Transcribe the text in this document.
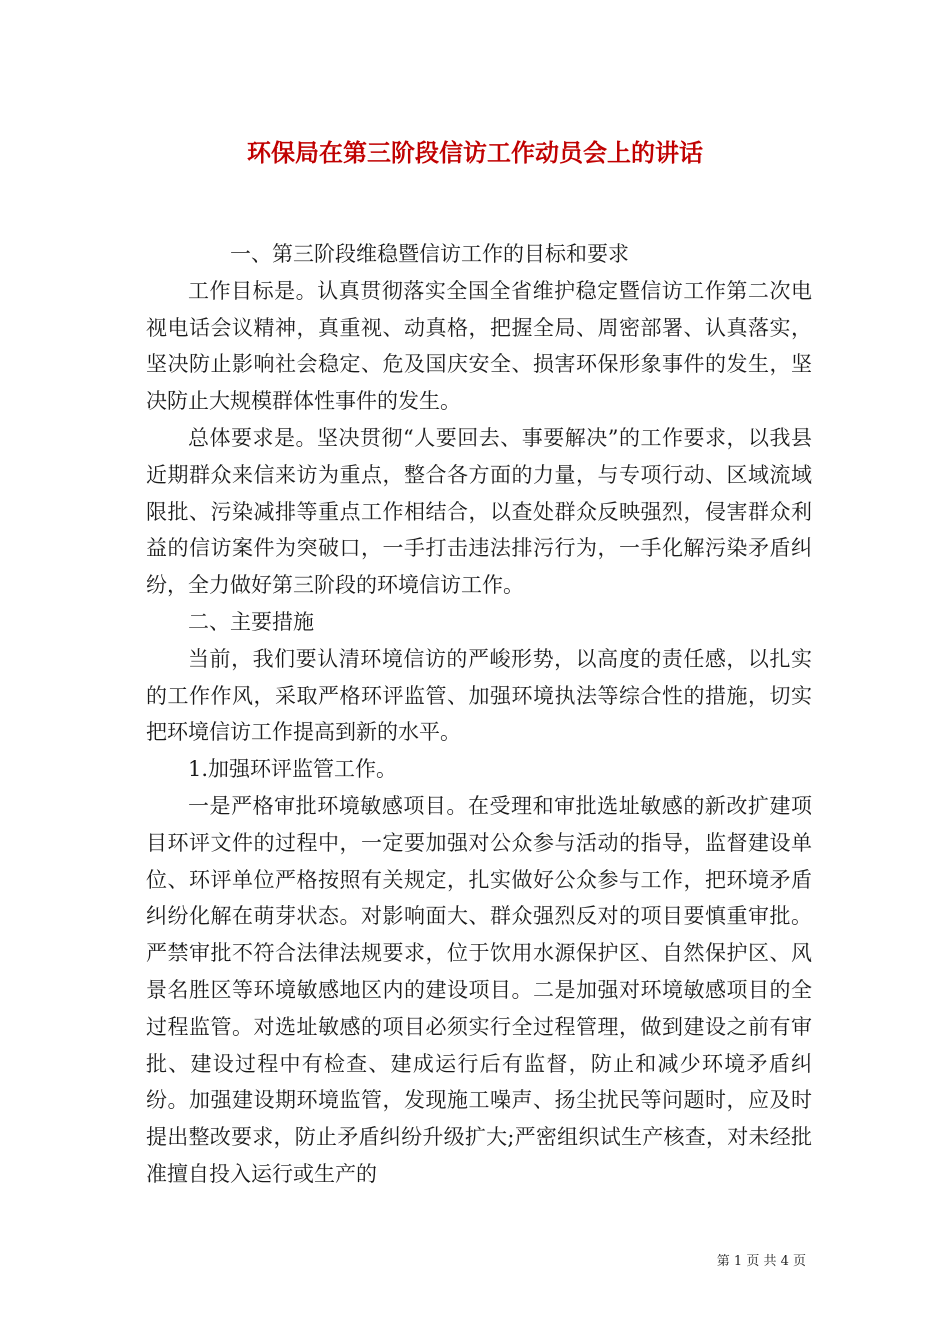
环保局在第三阶段信访工作动员会上的讲话

一、第三阶段维稳暨信访工作的目标和要求

工作目标是。认真贯彻落实全国全省维护稳定暨信访工作第二次电视电话会议精神，真重视、动真格，把握全局、周密部署、认真落实，坚决防止影响社会稳定、危及国庆安全、损害环保形象事件的发生，坚决防止大规模群体性事件的发生。

总体要求是。坚决贯彻“人要回去、事要解决”的工作要求，以我县近期群众来信来访为重点，整合各方面的力量，与专项行动、区域流域限批、污染减排等重点工作相结合，以查处群众反映强烈，侵害群众利益的信访案件为突破口，一手打击违法排污行为，一手化解污染矛盾纠纷，全力做好第三阶段的环境信访工作。

二、主要措施

当前，我们要认清环境信访的严峻形势，以高度的责任感，以扎实的工作作风，采取严格环评监管、加强环境执法等综合性的措施，切实把环境信访工作提高到新的水平。

1.加强环评监管工作。

一是严格审批环境敏感项目。在受理和审批选址敏感的新改扩建项目环评文件的过程中，一定要加强对公众参与活动的指导，监督建设单位、环评单位严格按照有关规定，扎实做好公众参与工作，把环境矛盾纠纷化解在萌芽状态。对影响面大、群众强烈反对的项目要慎重审批。严禁审批不符合法律法规要求，位于饮用水源保护区、自然保护区、风景名胜区等环境敏感地区内的建设项目。二是加强对环境敏感项目的全过程监管。对选址敏感的项目必须实行全过程管理，做到建设之前有审批、建设过程中有检查、建成运行后有监督，防止和减少环境矛盾纠纷。加强建设期环境监管，发现施工噪声、扬尘扰民等问题时，应及时提出整改要求，防止矛盾纠纷升级扩大;严密组织试生产核查，对未经批准擅自投入运行或生产的

第 1 页 共 4 页
